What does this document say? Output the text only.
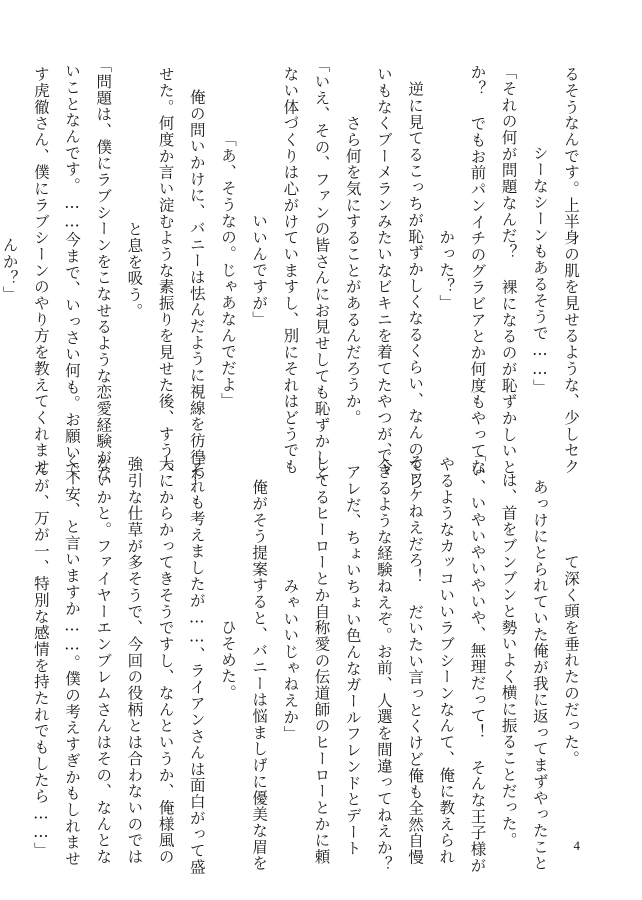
るそうなんです。上半身の肌を見せるような、少しセク
シーなシーンもあるそうで……」
「それの何が問題なんだ？ 裸になるのが恥ずかしいと
か？ でもお前パンイチのグラビアとか何度もやってな
かった？」
逆に見てるこっちが恥ずかしくなるくらい、なんのてら
いもなくブーメランみたいなビキニを着てたやつが、今
さら何を気にすることがあるんだろうか。
「いえ、その、ファンの皆さんにお見せしても恥ずかしく
ない体づくりは心がけていますし、別にそれはどうでも
いいんですが」
「あ、そうなの。じゃあなんでだよ」
俺の問いかけに、バニーは怯んだように視線を彷徨わ
せた。何度か言い淀むような素振りを見せた後、すうっ
と息を吸う。
「問題は、僕にラブシーンをこなせるような恋愛経験がな
いことなんです。……今まで、いっさい何も。お願いで
す虎徹さん、僕にラブシーンのやり方を教えてくれませ
んか？」
て深く頭を垂れたのだった。
あっけにとられていた俺が我に返ってまずやったこと
は、首をブンブンと勢いよく横に振ることだった。
「い、いやいやいやいや、無理だって！ そんな王子様が
やるようなカッコいいラブシーンなんて、俺に教えられ
るワケねえだろ！ だいたい言っとくけど俺も全然自慢
できるような経験ねえぞ。お前、人選を間違ってねえか？
アレだ、ちょいちょい色んなガールフレンドとデート
してるヒーローとか自称愛の伝道師のヒーローとかに頼
みゃいいじゃねえか」
俺がそう提案すると、バニーは悩ましげに優美な眉を
ひそめた。
「それも考えましたが……、ライアンさんは面白がって盛
大にからかってきそうですし、なんというか、俺様風の
強引な仕草が多そうで、今回の役柄とは合わないのでは
ないかと。ファイヤーエンブレムさんはその、なんとな
く不安、と言いますか……。僕の考えすぎかもしれませ
んが、万が一、特別な感情を持たれでもしたら……」	4
